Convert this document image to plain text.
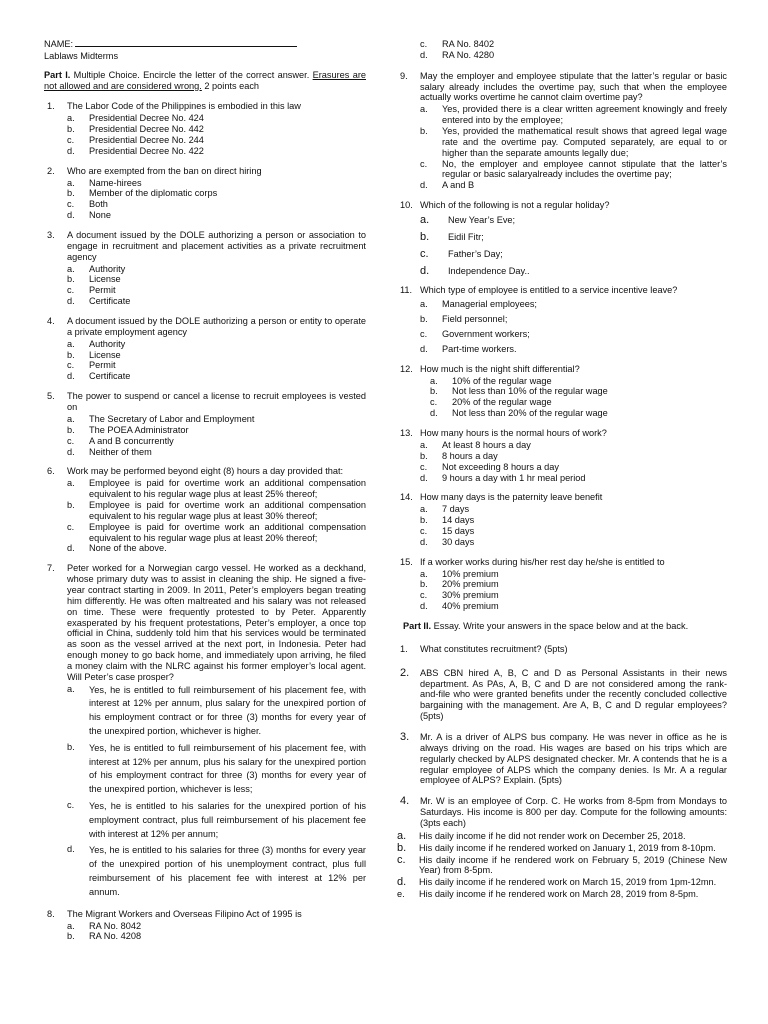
NAME:
Lablaws Midterms
Part I. Multiple Choice. Encircle the letter of the correct answer. Erasures are not allowed and are considered wrong. 2 points each
1. The Labor Code of the Philippines is embodied in this law
a. Presidential Decree No. 424
b. Presidential Decree No. 442
c. Presidential Decree No. 244
d. Presidential Decree No. 422
2. Who are exempted from the ban on direct hiring
a. Name-hirees
b. Member of the diplomatic corps
c. Both
d. None
3. A document issued by the DOLE authorizing a person or association to engage in recruitment and placement activities as a private recruitment agency
a. Authority
b. License
c. Permit
d. Certificate
4. A document issued by the DOLE authorizing a person or entity to operate a private employment agency
a. Authority
b. License
c. Permit
d. Certificate
5. The power to suspend or cancel a license to recruit employees is vested on
a. The Secretary of Labor and Employment
b. The POEA Administrator
c. A and B concurrently
d. Neither of them
6. Work may be performed beyond eight (8) hours a day provided that:
a. Employee is paid for overtime work an additional compensation equivalent to his regular wage plus at least 25% thereof;
b. Employee is paid for overtime work an additional compensation equivalent to his regular wage plus at least 30% thereof;
c. Employee is paid for overtime work an additional compensation equivalent to his regular wage plus at least 20% thereof;
d. None of the above.
7. Peter worked for a Norwegian cargo vessel. He worked as a deckhand, whose primary duty was to assist in cleaning the ship. He signed a five-year contract starting in 2009. In 2011, Peter’s employers began treating him differently. He was often maltreated and his salary was not released on time. These were frequently protested to by Peter. Apparently exasperated by his frequent protestations, Peter’s employer, a once top official in China, suddenly told him that his services would be terminated as soon as the vessel arrived at the next port, in Indonesia. Peter had enough money to go back home, and immediately upon arriving, he filed a money claim with the NLRC against his former employer’s local agent. Will Peter’s case prosper?
a. Yes, he is entitled to full reimbursement of his placement fee, with interest at 12% per annum, plus salary for the unexpired portion of his employment contract or for three (3) months for every year of the unexpired portion, whichever is higher.
b. Yes, he is entitled to full reimbursement of his placement fee, with interest at 12% per annum, plus his salary for the unexpired portion of his employment contract for three (3) months for every year of the unexpired portion, whichever is less;
c. Yes, he is entitled to his salaries for the unexpired portion of his employment contract, plus full reimbursement of his placement fee with interest at 12% per annum;
d. Yes, he is entitled to his salaries for three (3) months for every year of the unexpired portion of his unemployment contract, plus full reimbursement of his placement fee with interest at 12% per annum.
8. The Migrant Workers and Overseas Filipino Act of 1995 is
a. RA No. 8042
b. RA No. 4208
c. RA No. 8402
d. RA No. 4280
9. May the employer and employee stipulate that the latter’s regular or basic salary already includes the overtime pay, such that when the employee actually works overtime he cannot claim overtime pay?
a. Yes, provided there is a clear written agreement knowingly and freely entered into by the employee;
b. Yes, provided the mathematical result shows that agreed legal wage rate and the overtime pay. Computed separately, are equal to or higher than the separate amounts legally due;
c. No, the employer and employee cannot stipulate that the latter’s regular or basic salaryalready includes the overtime pay;
d. A and B
10. Which of the following is not a regular holiday?
a. New Year’s Eve;
b. Eidil Fitr;
c. Father’s Day;
d. Independence Day..
11. Which type of employee is entitled to a service incentive leave?
a. Managerial employees;
b. Field personnel;
c. Government workers;
d. Part-time workers.
12. How much is the night shift differential?
a. 10% of the regular wage
b. Not less than 10% of the regular wage
c. 20% of the regular wage
d. Not less than 20% of the regular wage
13. How many hours is the normal hours of work?
a. At least 8 hours a day
b. 8 hours a day
c. Not exceeding 8 hours a day
d. 9 hours a day with 1 hr meal period
14. How many days is the paternity leave benefit
a. 7 days
b. 14 days
c. 15 days
d. 30 days
15. If a worker works during his/her rest day he/she is entitled to
a. 10% premium
b. 20% premium
c. 30% premium
d. 40% premium
Part II. Essay. Write your answers in the space below and at the back.
1. What constitutes recruitment? (5pts)
2. ABS CBN hired A, B, C and D as Personal Assistants in their news department. As PAs, A, B, C and D are not considered among the rank-and-file who were granted benefits under the recently concluded collective bargaining with the management. Are A, B, C and D regular employees? (5pts)
3. Mr. A is a driver of ALPS bus company. He was never in office as he is always driving on the road. His wages are based on his trips which are regularly checked by ALPS designated checker. Mr. A contends that he is a regular employee of ALPS which the company denies. Is Mr. A a regular employee of ALPS? Explain. (5pts)
4. Mr. W is an employee of Corp. C. He works from 8-5pm from Mondays to Saturdays. His income is 800 per day. Compute for the following amounts: (3pts each)
a. His daily income if he did not render work on December 25, 2018.
b. His daily income if he rendered worked on January 1, 2019 from 8-10pm.
c. His daily income if he rendered work on February 5, 2019 (Chinese New Year) from 8-5pm.
d. His daily income if he rendered work on March 15, 2019 from 1pm-12mn.
e. His daily income if he rendered work on March 28, 2019 from 8-5pm.
